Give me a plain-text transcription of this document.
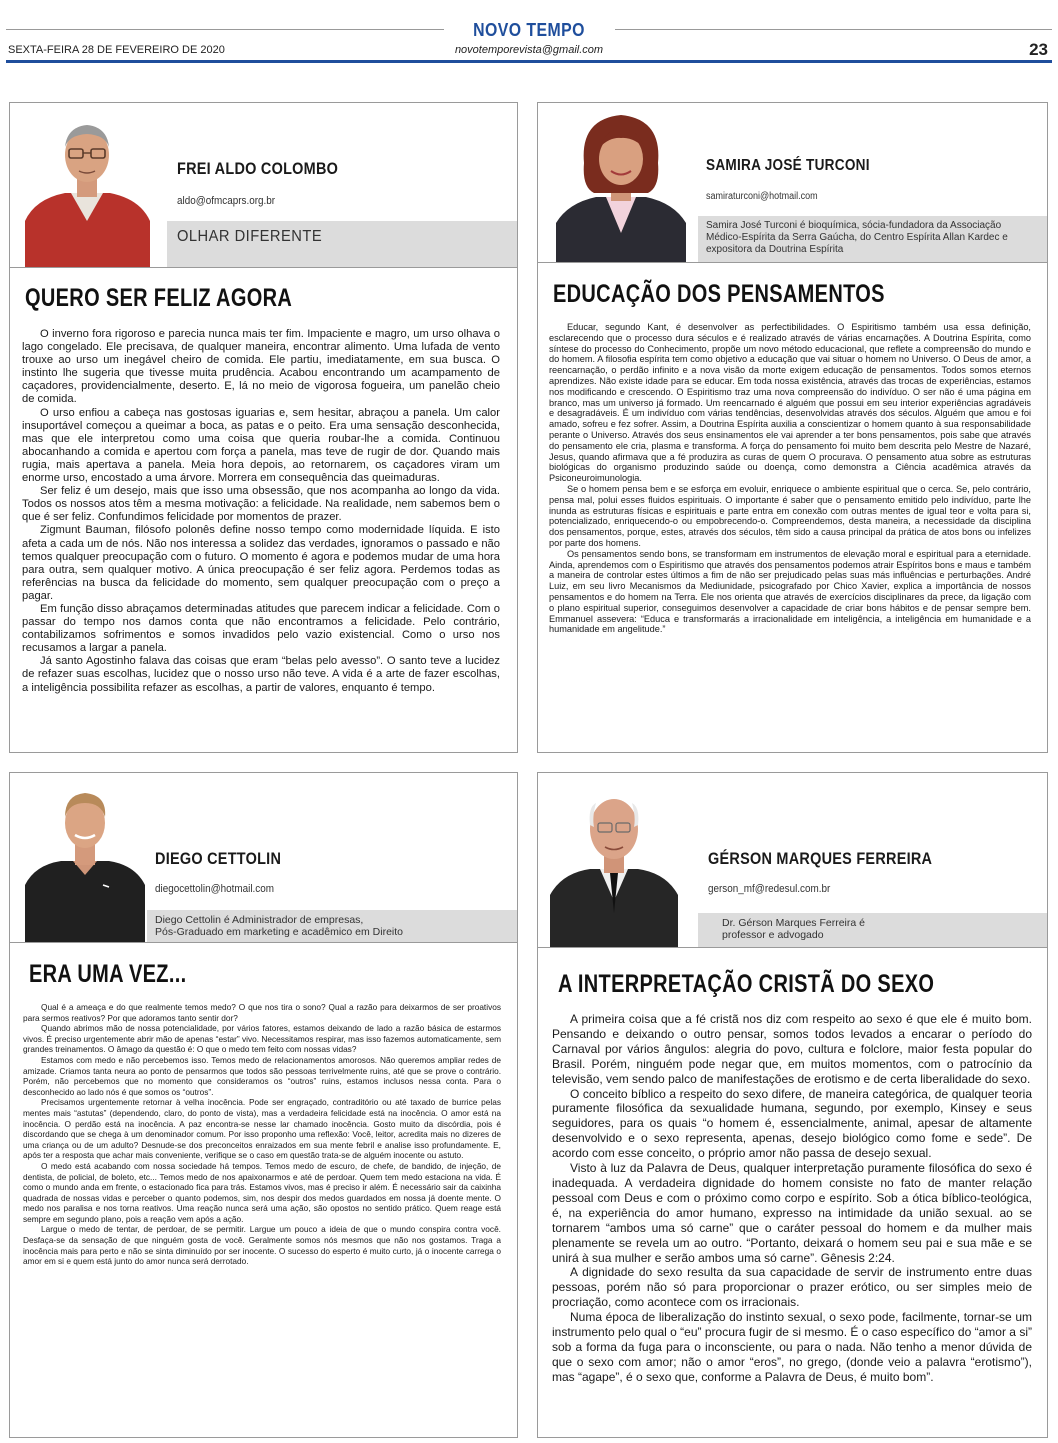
NOVO TEMPO
SEXTA-FEIRA 28 DE FEVEREIRO DE 2020	novotemporevista@gmail.com	23
FREI ALDO COLOMBO
aldo@ofmcaprs.org.br
OLHAR DIFERENTE
QUERO SER FELIZ AGORA

O inverno fora rigoroso e parecia nunca mais ter fim. Impaciente e magro, um urso olhava o lago congelado. Ele precisava, de qualquer maneira, encontrar alimento. Uma lufada de vento trouxe ao urso um inegável cheiro de comida. Ele partiu, imediatamente, em sua busca. O instinto lhe sugeria que tivesse muita prudência. Acabou encontrando um acampamento de caçadores, providencialmente, deserto. E, lá no meio de vigorosa fogueira, um panelão cheio de comida.

O urso enfiou a cabeça nas gostosas iguarias e, sem hesitar, abraçou a panela. Um calor insuportável começou a queimar a boca, as patas e o peito. Era uma sensação desconhecida, mas que ele interpretou como uma coisa que queria roubar-lhe a comida. Continuou abocanhando a comida e apertou com força a panela, mas teve de rugir de dor. Quando mais rugia, mais apertava a panela. Meia hora depois, ao retornarem, os caçadores viram um enorme urso, encostado a uma árvore. Morrera em consequência das queimaduras.

Ser feliz é um desejo, mais que isso uma obsessão, que nos acompanha ao longo da vida. Todos os nossos atos têm a mesma motivação: a felicidade. Na realidade, nem sabemos bem o que é ser feliz. Confundimos felicidade por momentos de prazer.

Zigmunt Bauman, filósofo polonês define nosso tempo como modernidade líquida. E isto afeta a cada um de nós. Não nos interessa a solidez das verdades, ignoramos o passado e não temos qualquer preocupação com o futuro. O momento é agora e podemos mudar de uma hora para outra, sem qualquer motivo. A única preocupação é ser feliz agora. Perdemos todas as referências na busca da felicidade do momento, sem qualquer preocupação com o preço a pagar.

Em função disso abraçamos determinadas atitudes que parecem indicar a felicidade. Com o passar do tempo nos damos conta que não encontramos a felicidade. Pelo contrário, contabilizamos sofrimentos e somos invadidos pelo vazio existencial. Como o urso nos recusamos a largar a panela.

Já santo Agostinho falava das coisas que eram “belas pelo avesso”. O santo teve a lucidez de refazer suas escolhas, lucidez que o nosso urso não teve. A vida é a arte de fazer escolhas, a inteligência possibilita refazer as escolhas, a partir de valores, enquanto é tempo.

SAMIRA JOSÉ TURCONI
samiraturconi@hotmail.com
Samira José Turconi é bioquímica, sócia-fundadora da Associação
Médico-Espírita da Serra Gaúcha, do Centro Espírita Allan Kardec e
expositora da Doutrina Espírita
EDUCAÇÃO DOS PENSAMENTOS

Educar, segundo Kant, é desenvolver as perfectibilidades. O Espiritismo também usa essa definição, esclarecendo que o processo dura séculos e é realizado através de várias encarnações. A Doutrina Espírita, como síntese do processo do Conhecimento, propõe um novo método educacional, que reflete a compreensão do mundo e do homem. A filosofia espírita tem como objetivo a educação que vai situar o homem no Universo. O Deus de amor, a reencarnação, o perdão infinito e a nova visão da morte exigem educação de pensamentos. Todos somos eternos aprendizes. Não existe idade para se educar. Em toda nossa existência, através das trocas de experiências, estamos nos modificando e crescendo. O Espiritismo traz uma nova compreensão do indivíduo. O ser não é uma página em branco, mas um universo já formado. Um reencarnado é alguém que possui em seu interior experiências agradáveis e desagradáveis. É um indivíduo com várias tendências, desenvolvidas através dos séculos. Alguém que amou e foi amado, sofreu e fez sofrer. Assim, a Doutrina Espírita auxilia a conscientizar o homem quanto à sua responsabilidade perante o Universo. Através dos seus ensinamentos ele vai aprender a ter bons pensamentos, pois sabe que através do pensamento ele cria, plasma e transforma. A força do pensamento foi muito bem descrita pelo Mestre de Nazaré, Jesus, quando afirmava que a fé produzira as curas de quem O procurava. O pensamento atua sobre as estruturas biológicas do organismo produzindo saúde ou doença, como demonstra a Ciência acadêmica através da Psiconeuroimunologia.

Se o homem pensa bem e se esforça em evoluir, enriquece o ambiente espiritual que o cerca. Se, pelo contrário, pensa mal, polui esses fluidos espirituais. O importante é saber que o pensamento emitido pelo indivíduo, parte lhe inunda as estruturas físicas e espirituais e parte entra em conexão com outras mentes de igual teor e volta para si, potencializado, enriquecendo-o ou empobrecendo-o. Compreendemos, desta maneira, a necessidade da disciplina dos pensamentos, porque, estes, através dos séculos, têm sido a causa principal da prática de atos bons ou infelizes por parte dos homens.

Os pensamentos sendo bons, se transformam em instrumentos de elevação moral e espiritual para a eternidade. Ainda, aprendemos com o Espiritismo que através dos pensamentos podemos atrair Espíritos bons e maus e também a maneira de controlar estes últimos a fim de não ser prejudicado pelas suas más influências e perturbações. André Luiz, em seu livro Mecanismos da Mediunidade, psicografado por Chico Xavier, explica a importância de nossos pensamentos e do homem na Terra. Ele nos orienta que através de exercícios disciplinares da prece, da ligação com o plano espiritual superior, conseguimos desenvolver a capacidade de criar bons hábitos e de pensar sempre bem. Emmanuel assevera: “Educa e transformarás a irracionalidade em inteligência, a inteligência em humanidade e a humanidade em angelitude.”

DIEGO CETTOLIN
diegocettolin@hotmail.com
Diego Cettolin é Administrador de empresas,
Pós-Graduado em marketing e acadêmico em Direito
ERA UMA VEZ...

Qual é a ameaça e do que realmente temos medo? O que nos tira o sono? Qual a razão para deixarmos de ser proativos para sermos reativos? Por que adoramos tanto sentir dor?

Quando abrimos mão de nossa potencialidade, por vários fatores, estamos deixando de lado a razão básica de estarmos vivos. É preciso urgentemente abrir mão de apenas “estar” vivo. Necessitamos respirar, mas isso fazemos automaticamente, sem grandes treinamentos. O âmago da questão é: O que o medo tem feito com nossas vidas?

Estamos com medo e não percebemos isso. Temos medo de relacionamentos amorosos. Não queremos ampliar redes de amizade. Criamos tanta neura ao ponto de pensarmos que todos são pessoas terrivelmente ruins, até que se prove o contrário. Porém, não percebemos que no momento que consideramos os “outros” ruins, estamos inclusos nessa conta. Para o desconhecido ao lado nós é que somos os “outros”.

Precisamos urgentemente retornar à velha inocência. Pode ser engraçado, contraditório ou até taxado de burrice pelas mentes mais “astutas” (dependendo, claro, do ponto de vista), mas a verdadeira felicidade está na inocência. O amor está na inocência. O perdão está na inocência. A paz encontra-se nesse lar chamado inocência. Gosto muito da discórdia, pois é discordando que se chega à um denominador comum. Por isso proponho uma reflexão: Você, leitor, acredita mais no dizeres de uma criança ou de um adulto? Desnude-se dos preconceitos enraizados em sua mente febril e analise isso profundamente. E, após ter a resposta que achar mais conveniente, verifique se o caso em questão trata-se de alguém inocente ou astuto.

O medo está acabando com nossa sociedade há tempos. Temos medo de escuro, de chefe, de bandido, de injeção, de dentista, de policial, de boleto, etc... Temos medo de nos apaixonarmos e até de perdoar. Quem tem medo estaciona na vida. É como o mundo anda em frente, o estacionado fica para trás. Estamos vivos, mas é preciso ir além. É necessário sair da caixinha quadrada de nossas vidas e perceber o quanto podemos, sim, nos despir dos medos guardados em nossa já doente mente. O medo nos paralisa e nos torna reativos. Uma reação nunca será uma ação, são opostos no sentido prático. Quem reage está sempre em segundo plano, pois a reação vem após a ação.

Largue o medo de tentar, de perdoar, de se permitir. Largue um pouco a ideia de que o mundo conspira contra você. Desfaça-se da sensação de que ninguém gosta de você. Geralmente somos nós mesmos que não nos gostamos. Traga a inocência mais para perto e não se sinta diminuído por ser inocente. O sucesso do esperto é muito curto, já o inocente carrega o amor em si e quem está junto do amor nunca será derrotado.

GÉRSON MARQUES FERREIRA
gerson_mf@redesul.com.br
Dr. Gérson Marques Ferreira é
professor e advogado
A INTERPRETAÇÃO CRISTÃ DO SEXO

A primeira coisa que a fé cristã nos diz com respeito ao sexo é que ele é muito bom. Pensando e deixando o outro pensar, somos todos levados a encarar o período do Carnaval por vários ângulos: alegria do povo, cultura e folclore, maior festa popular do Brasil. Porém, ninguém pode negar que, em muitos momentos, com o patrocínio da televisão, vem sendo palco de manifestações de erotismo e de certa liberalidade do sexo.

O conceito bíblico a respeito do sexo difere, de maneira categórica, de qualquer teoria puramente filosófica da sexualidade humana, segundo, por exemplo, Kinsey e seus seguidores, para os quais “o homem é, essencialmente, animal, apesar de altamente desenvolvido e o sexo representa, apenas, desejo biológico como fome e sede”. De acordo com esse conceito, o próprio amor não passa de desejo sexual.

Visto à luz da Palavra de Deus, qualquer interpretação puramente filosófica do sexo é inadequada. A verdadeira dignidade do homem consiste no fato de manter relação pessoal com Deus e com o próximo como corpo e espírito. Sob a ótica bíblico-teológica, é, na experiência do amor humano, expresso na intimidade da união sexual. ao se tornarem “ambos uma só carne” que o caráter pessoal do homem e da mulher mais plenamente se revela um ao outro. “Portanto, deixará o homem seu pai e sua mãe e se unirá à sua mulher e serão ambos uma só carne”. Gênesis 2:24.

A dignidade do sexo resulta da sua capacidade de servir de instrumento entre duas pessoas, porém não só para proporcionar o prazer erótico, ou ser simples meio de procriação, como acontece com os irracionais.

Numa época de liberalização do instinto sexual, o sexo pode, facilmente, tornar-se um instrumento pelo qual o “eu” procura fugir de si mesmo. É o caso específico do “amor a si” sob a forma da fuga para o inconsciente, ou para o nada. Não tenho a menor dúvida de que o sexo com amor; não o amor “eros”, no grego, (donde veio a palavra “erotismo”), mas “agape”, é o sexo que, conforme a Palavra de Deus, é muito bom”.
